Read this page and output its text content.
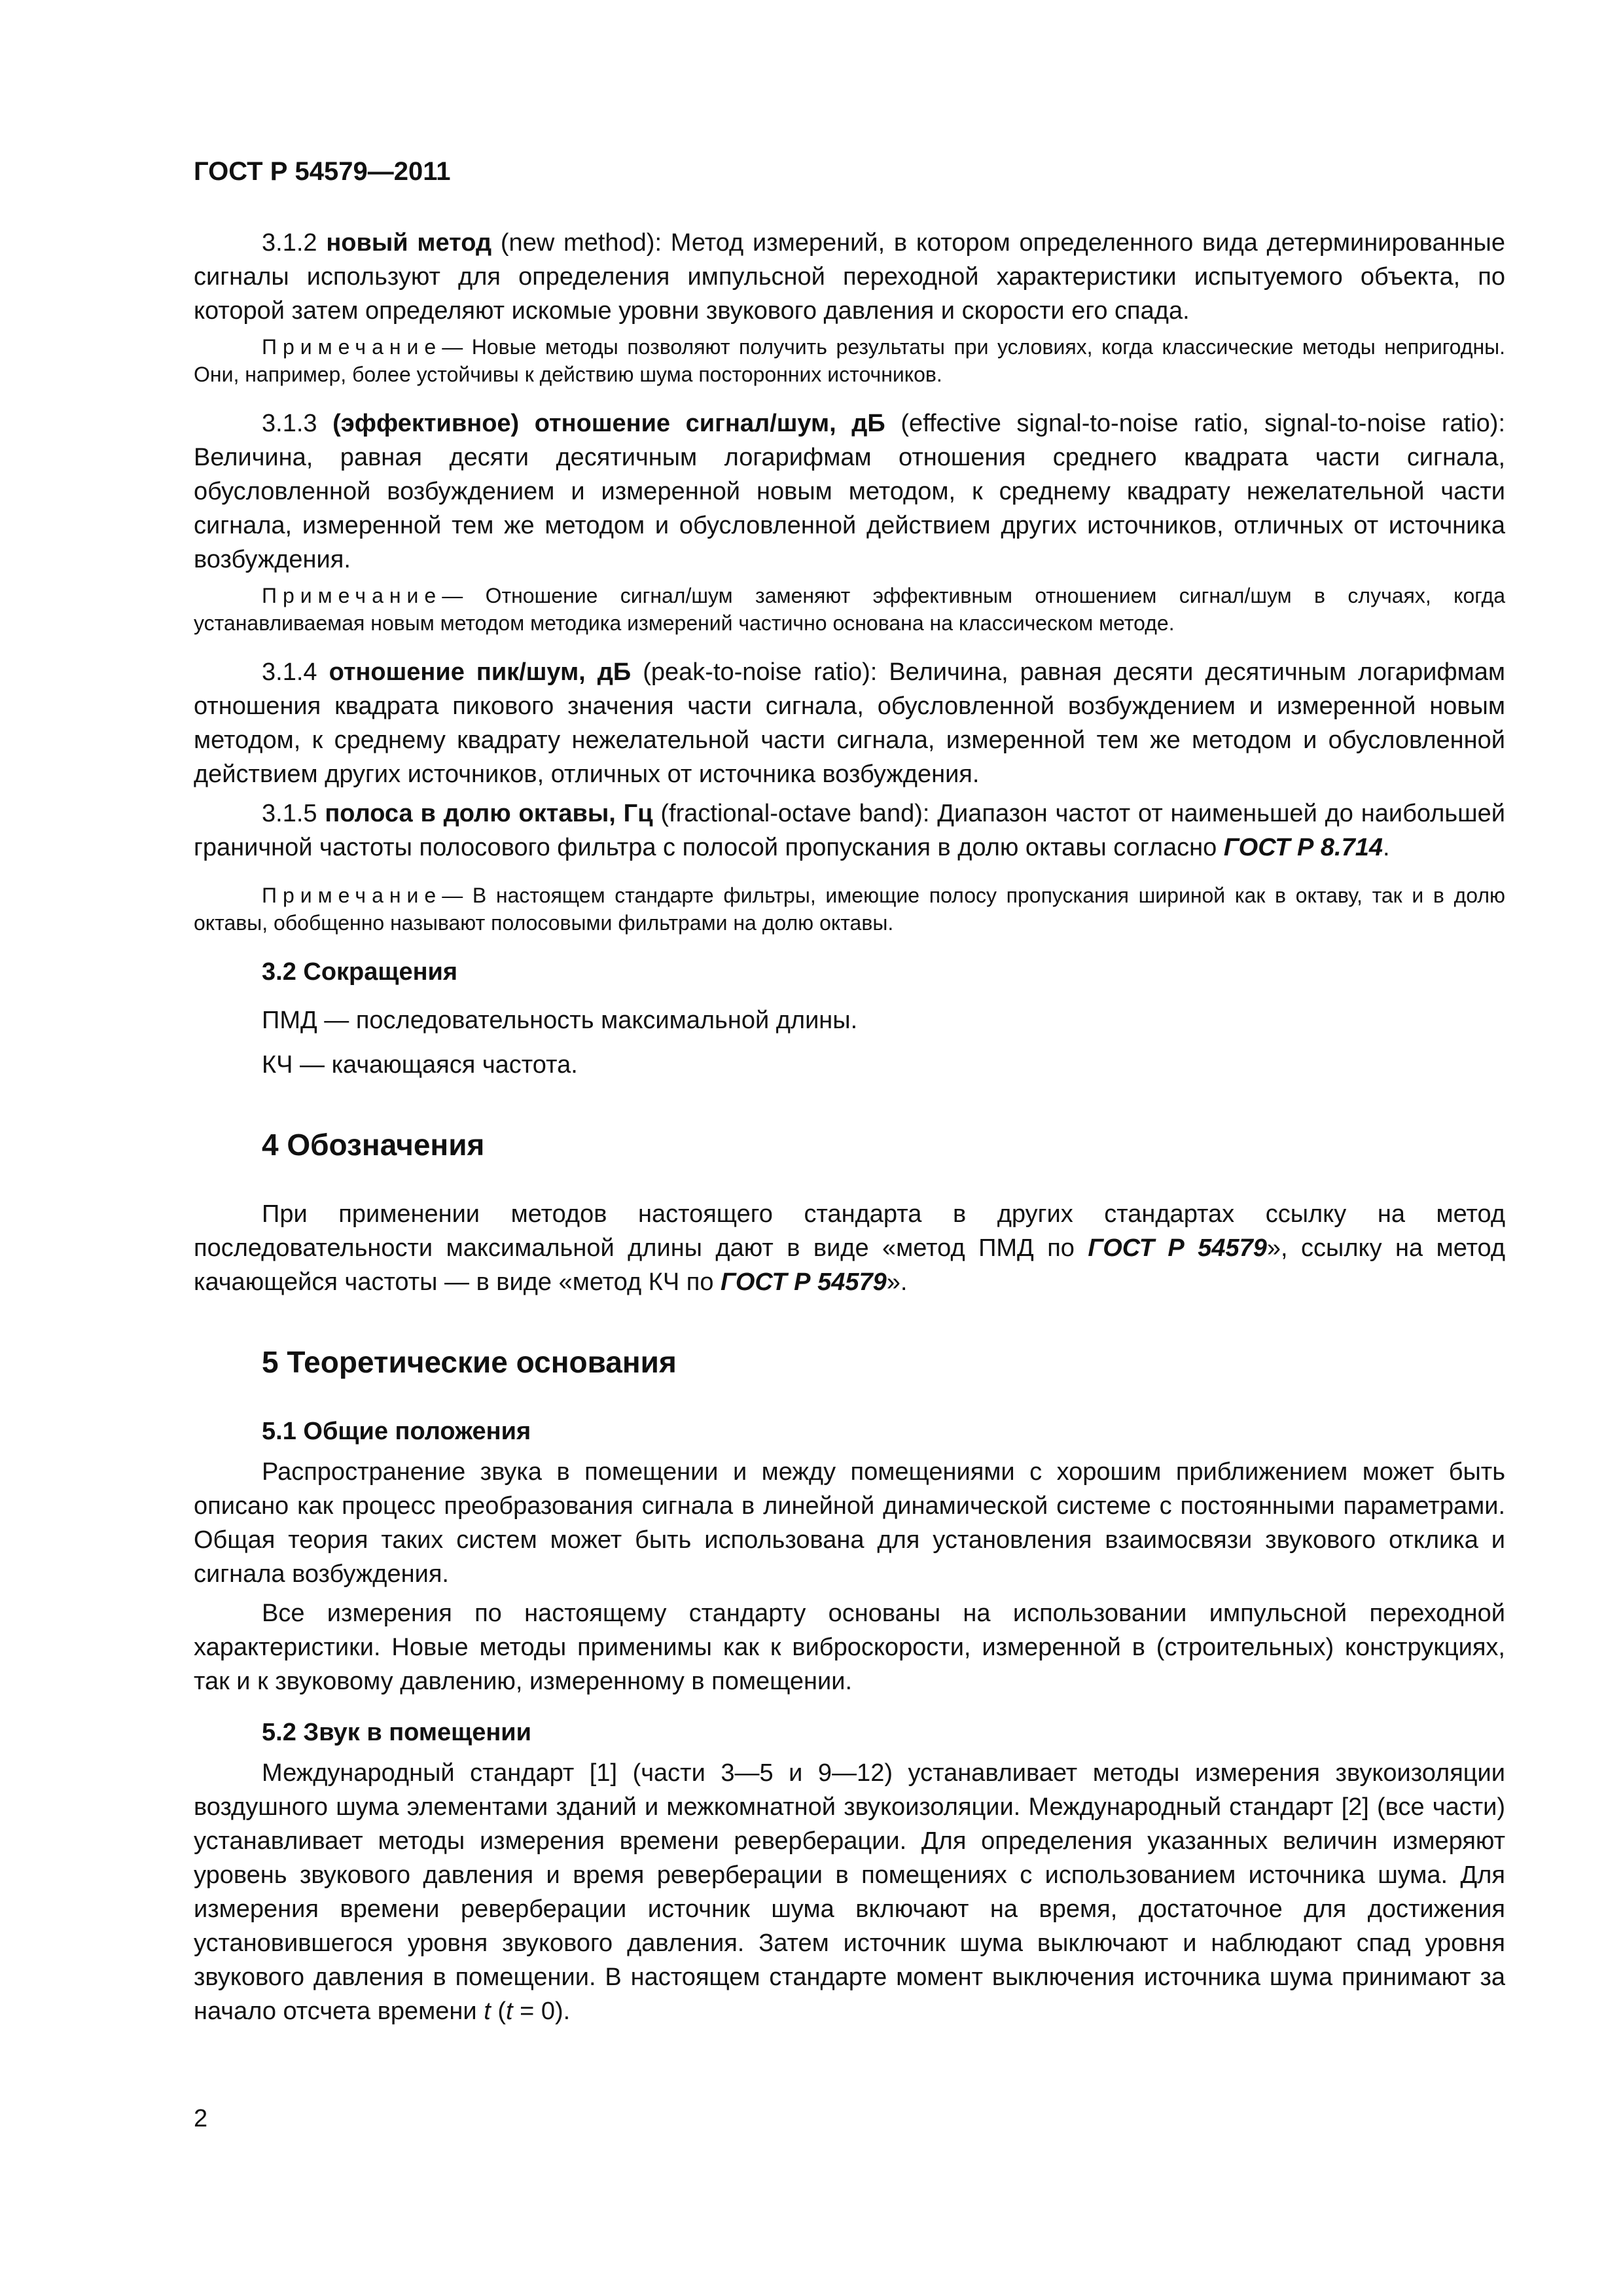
ГОСТ Р 54579—2011

3.1.2 новый метод (new method): Метод измерений, в котором определенного вида детерминированные сигналы используют для определения импульсной переходной характеристики испытуемого объекта, по которой затем определяют искомые уровни звукового давления и скорости его спада.

Примечание— Новые методы позволяют получить результаты при условиях, когда классические методы непригодны. Они, например, более устойчивы к действию шума посторонних источников.

3.1.3 (эффективное) отношение сигнал/шум, дБ (effective signal-to-noise ratio, signal-to-noise ratio): Величина, равная десяти десятичным логарифмам отношения среднего квадрата части сигнала, обусловленной возбуждением и измеренной новым методом, к среднему квадрату нежелательной части сигнала, измеренной тем же методом и обусловленной действием других источников, отличных от источника возбуждения.

Примечание— Отношение сигнал/шум заменяют эффективным отношением сигнал/шум в случаях, когда устанавливаемая новым методом методика измерений частично основана на классическом методе.

3.1.4 отношение пик/шум, дБ (peak-to-noise ratio): Величина, равная десяти десятичным логарифмам отношения квадрата пикового значения части сигнала, обусловленной возбуждением и измеренной новым методом, к среднему квадрату нежелательной части сигнала, измеренной тем же методом и обусловленной действием других источников, отличных от источника возбуждения.

3.1.5 полоса в долю октавы, Гц (fractional-octave band): Диапазон частот от наименьшей до наибольшей граничной частоты полосового фильтра с полосой пропускания в долю октавы согласно ГОСТ Р 8.714.

Примечание— В настоящем стандарте фильтры, имеющие полосу пропускания шириной как в октаву, так и в долю октавы, обобщенно называют полосовыми фильтрами на долю октавы.

3.2 Сокращения
ПМД — последовательность максимальной длины.
КЧ — качающаяся частота.
4 Обозначения

При применении методов настоящего стандарта в других стандартах ссылку на метод последовательности максимальной длины дают в виде «метод ПМД по ГОСТ Р 54579», ссылку на метод качающейся частоты — в виде «метод КЧ по ГОСТ Р 54579».

5 Теоретические основания
5.1 Общие положения

Распространение звука в помещении и между помещениями с хорошим приближением может быть описано как процесс преобразования сигнала в линейной динамической системе с постоянными параметрами. Общая теория таких систем может быть использована для установления взаимосвязи звукового отклика и сигнала возбуждения.

Все измерения по настоящему стандарту основаны на использовании импульсной переходной характеристики. Новые методы применимы как к виброскорости, измеренной в (строительных) конструкциях, так и к звуковому давлению, измеренному в помещении.

5.2 Звук в помещении

Международный стандарт [1] (части 3—5 и 9—12) устанавливает методы измерения звукоизоляции воздушного шума элементами зданий и межкомнатной звукоизоляции. Международный стандарт [2] (все части) устанавливает методы измерения времени реверберации. Для определения указанных величин измеряют уровень звукового давления и время реверберации в помещениях с использованием источника шума. Для измерения времени реверберации источник шума включают на время, достаточное для достижения установившегося уровня звукового давления. Затем источник шума выключают и наблюдают спад уровня звукового давления в помещении. В настоящем стандарте момент выключения источника шума принимают за начало отсчета времени t (t = 0).

2
